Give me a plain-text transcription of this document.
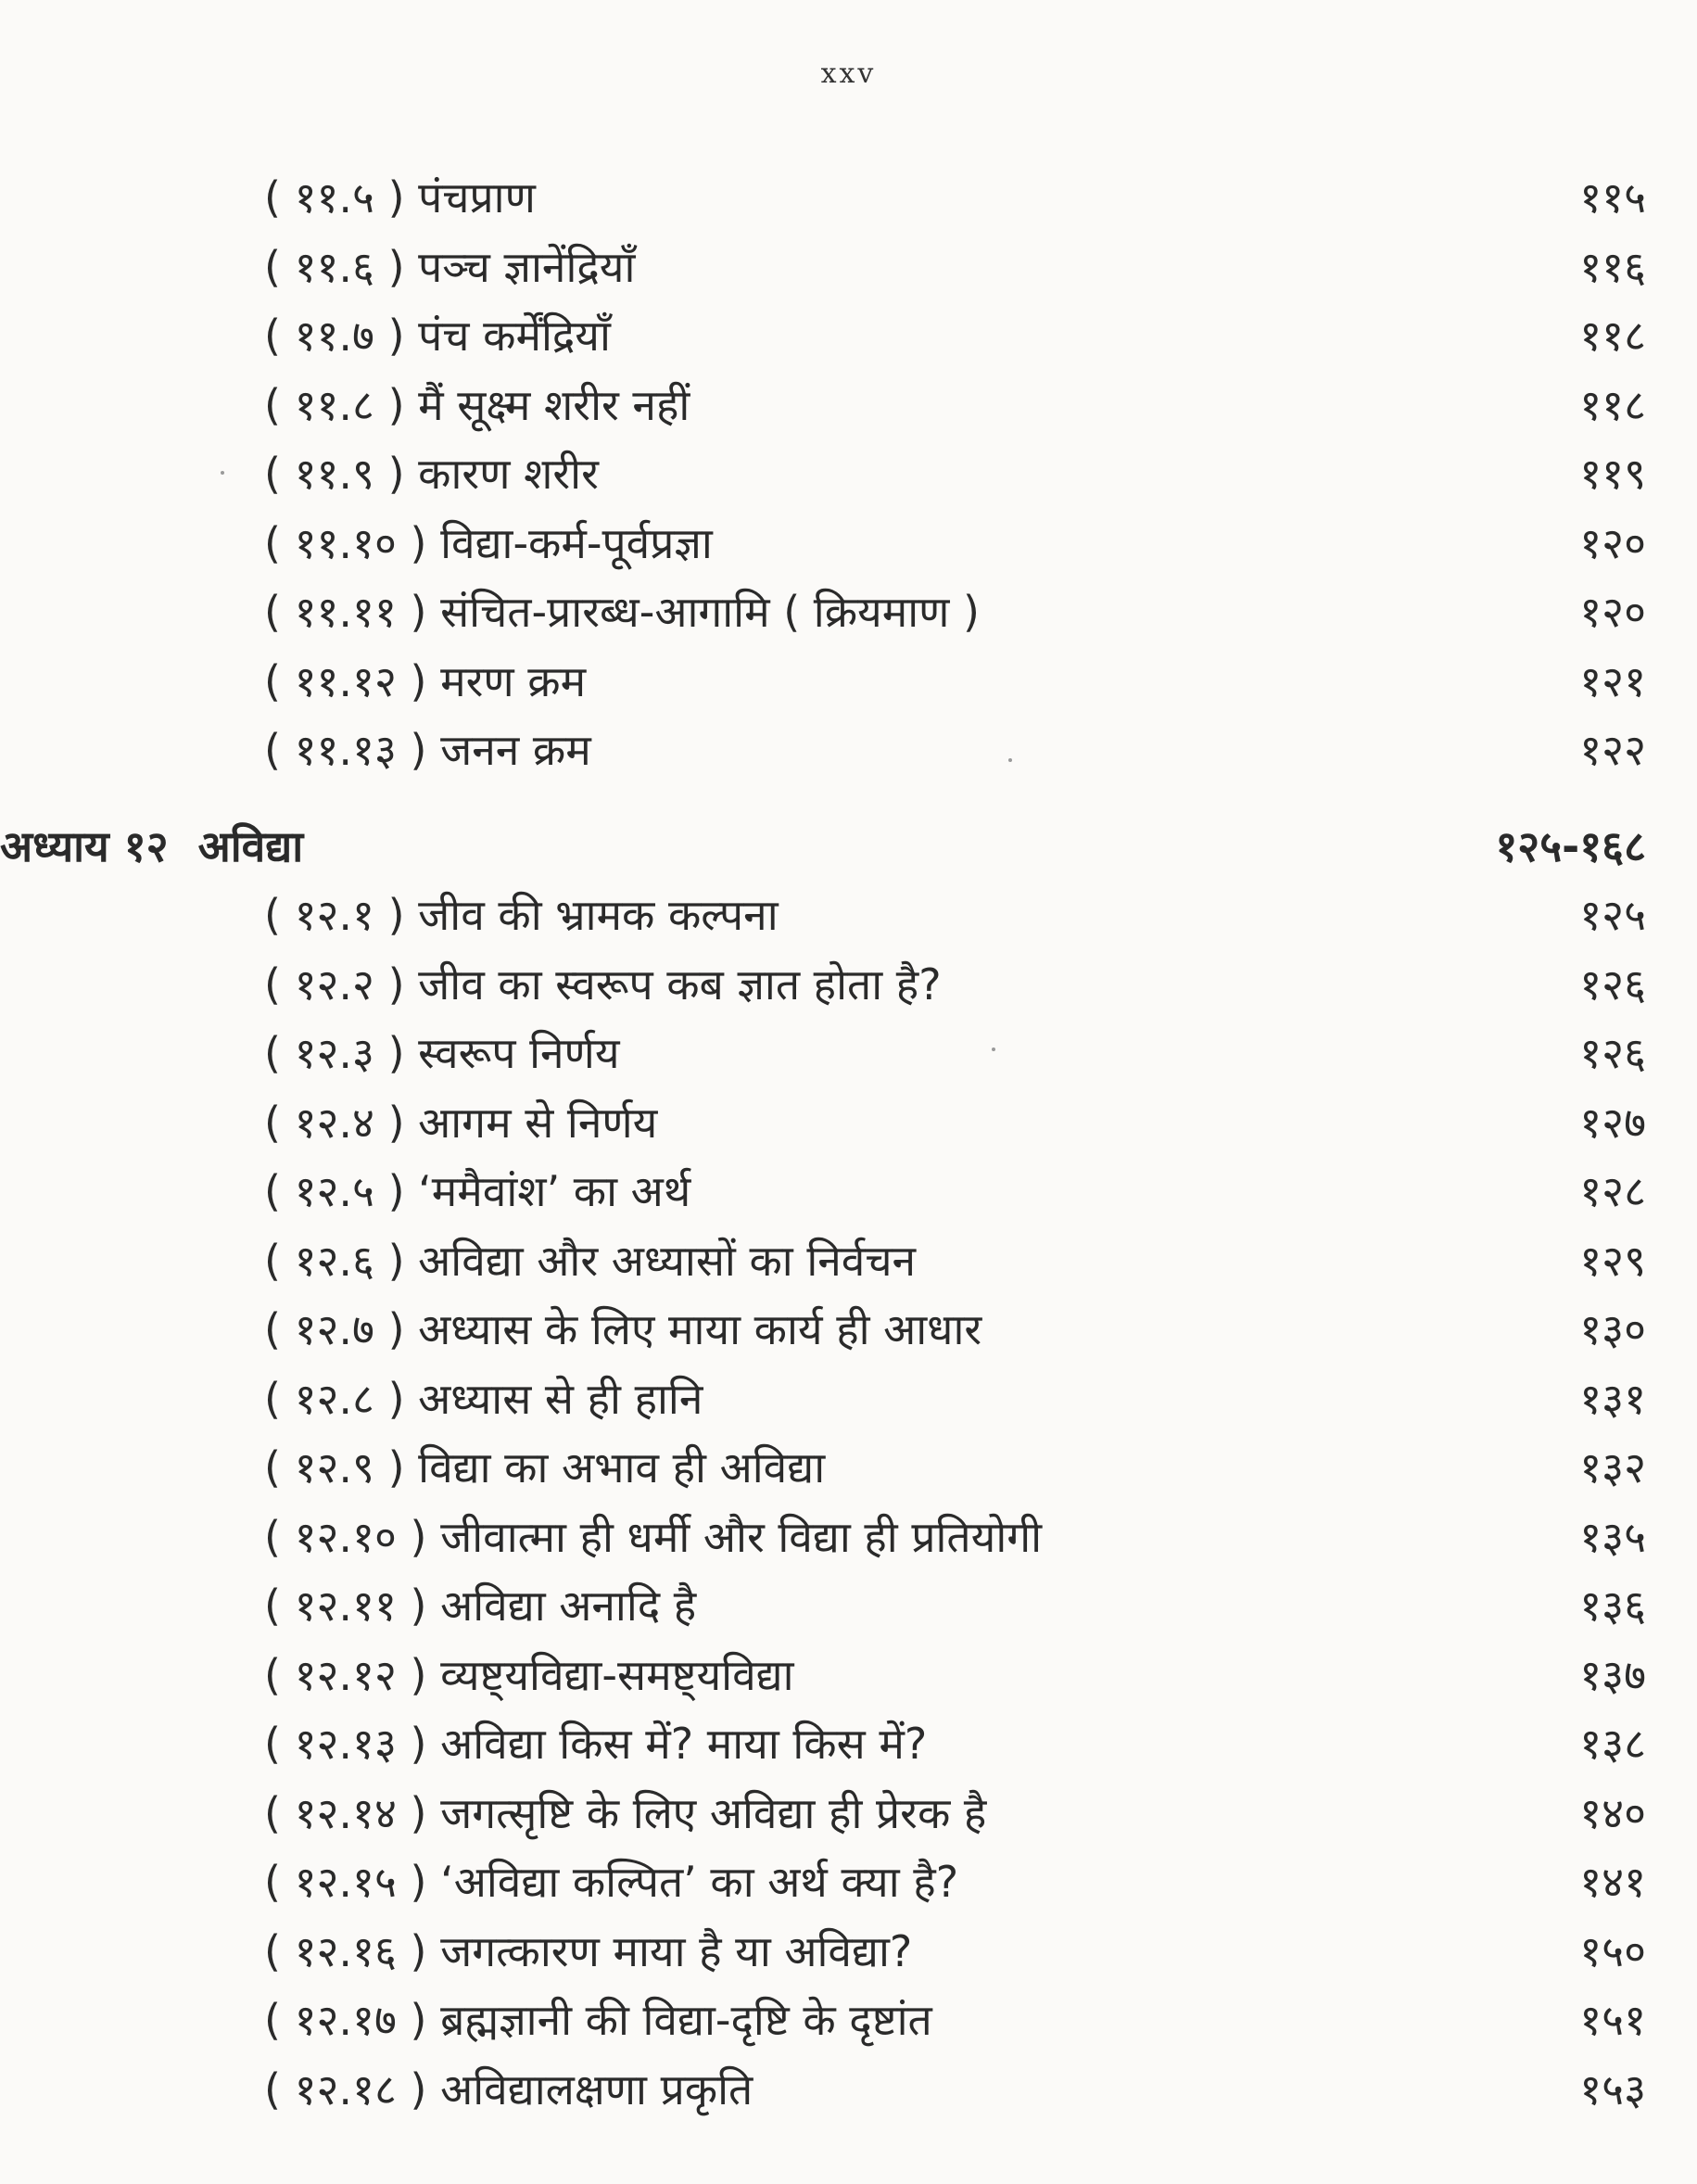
xxv
( ११.५ ) पंचप्राण	११५
( ११.६ ) पञ्च ज्ञानेंद्रियाँ	११६
( ११.७ ) पंच कर्मेंद्रियाँ	११८
( ११.८ ) मैं सूक्ष्म शरीर नहीं	११८
( ११.९ ) कारण शरीर	११९
( ११.१० ) विद्या-कर्म-पूर्वप्रज्ञा	१२०
( ११.११ ) संचित-प्रारब्ध-आगामि ( क्रियमाण )	१२०
( ११.१२ ) मरण क्रम	१२१
( ११.१३ ) जनन क्रम	१२२
अध्याय १२ अविद्या	१२५-१६८
( १२.१ ) जीव की भ्रामक कल्पना	१२५
( १२.२ ) जीव का स्वरूप कब ज्ञात होता है?	१२६
( १२.३ ) स्वरूप निर्णय	१२६
( १२.४ ) आगम से निर्णय	१२७
( १२.५ ) ‘ममैवांश’ का अर्थ	१२८
( १२.६ ) अविद्या और अध्यासों का निर्वचन	१२९
( १२.७ ) अध्यास के लिए माया कार्य ही आधार	१३०
( १२.८ ) अध्यास से ही हानि	१३१
( १२.९ ) विद्या का अभाव ही अविद्या	१३२
( १२.१० ) जीवात्मा ही धर्मी और विद्या ही प्रतियोगी	१३५
( १२.११ ) अविद्या अनादि है	१३६
( १२.१२ ) व्यष्ट्यविद्या-समष्ट्यविद्या	१३७
( १२.१३ ) अविद्या किस में? माया किस में?	१३८
( १२.१४ ) जगत्सृष्टि के लिए अविद्या ही प्रेरक है	१४०
( १२.१५ ) ‘अविद्या कल्पित’ का अर्थ क्या है?	१४१
( १२.१६ ) जगत्कारण माया है या अविद्या?	१५०
( १२.१७ ) ब्रह्मज्ञानी की विद्या-दृष्टि के दृष्टांत	१५१
( १२.१८ ) अविद्यालक्षणा प्रकृति	१५३
